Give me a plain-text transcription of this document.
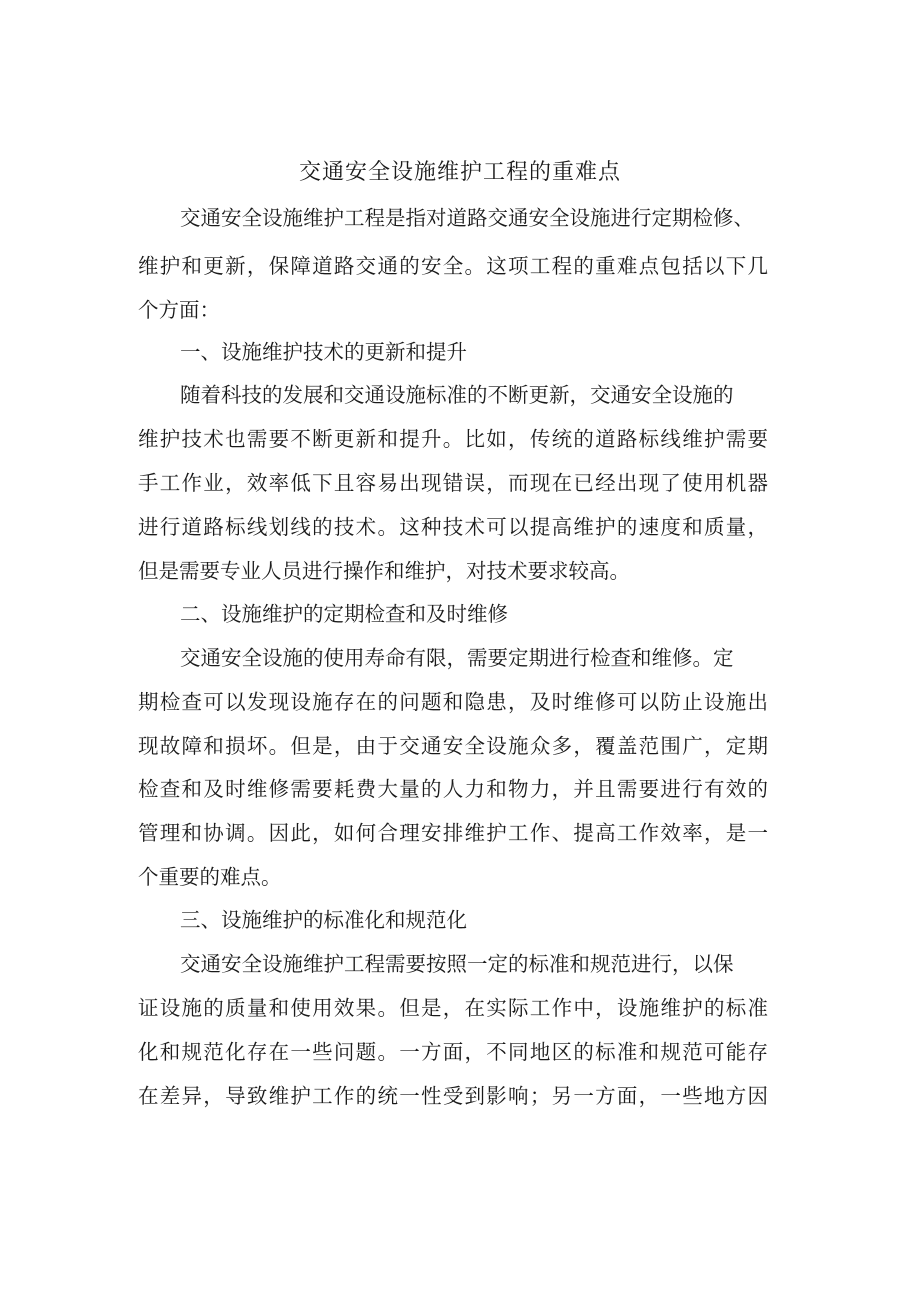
交通安全设施维护工程的重难点
交通安全设施维护工程是指对道路交通安全设施进行定期检修、
维护和更新，保障道路交通的安全。这项工程的重难点包括以下几
个方面：
一、设施维护技术的更新和提升
随着科技的发展和交通设施标准的不断更新，交通安全设施的
维护技术也需要不断更新和提升。比如，传统的道路标线维护需要
手工作业，效率低下且容易出现错误，而现在已经出现了使用机器
进行道路标线划线的技术。这种技术可以提高维护的速度和质量，
但是需要专业人员进行操作和维护，对技术要求较高。
二、设施维护的定期检查和及时维修
交通安全设施的使用寿命有限，需要定期进行检查和维修。定
期检查可以发现设施存在的问题和隐患，及时维修可以防止设施出
现故障和损坏。但是，由于交通安全设施众多，覆盖范围广，定期
检查和及时维修需要耗费大量的人力和物力，并且需要进行有效的
管理和协调。因此，如何合理安排维护工作、提高工作效率，是一
个重要的难点。
三、设施维护的标准化和规范化
交通安全设施维护工程需要按照一定的标准和规范进行，以保
证设施的质量和使用效果。但是，在实际工作中，设施维护的标准
化和规范化存在一些问题。一方面，不同地区的标准和规范可能存
在差异，导致维护工作的统一性受到影响；另一方面，一些地方因
